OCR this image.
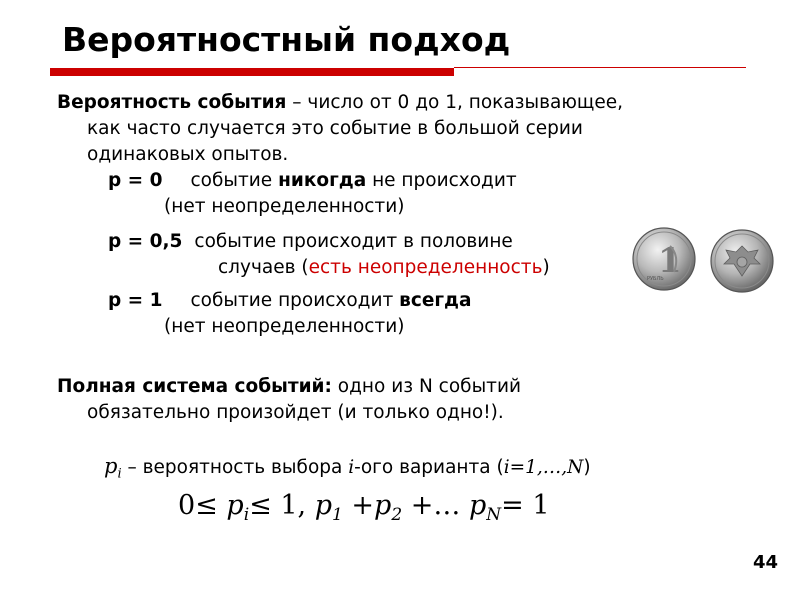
Вероятностный подход
Вероятность события – число от 0 до 1, показывающее,
как часто случается это событие в большой серии
одинаковых опытов.
p = 0 событие никогда не происходит
(нет неопределенности)
p = 0,5 событие происходит в половине
случаев (есть неопределенность)
p = 1 событие происходит всегда
(нет неопределенности)
Полная система событий: одно из N событий
обязательно произойдет (и только одно!).
$p_i$ – вероятность выбора i-ого варианта (i=1,…,N)
$0\le p_i\le 1$, $p_1 +p_2$ +… $p_N= 1$
1
РУБЛЬ
44
